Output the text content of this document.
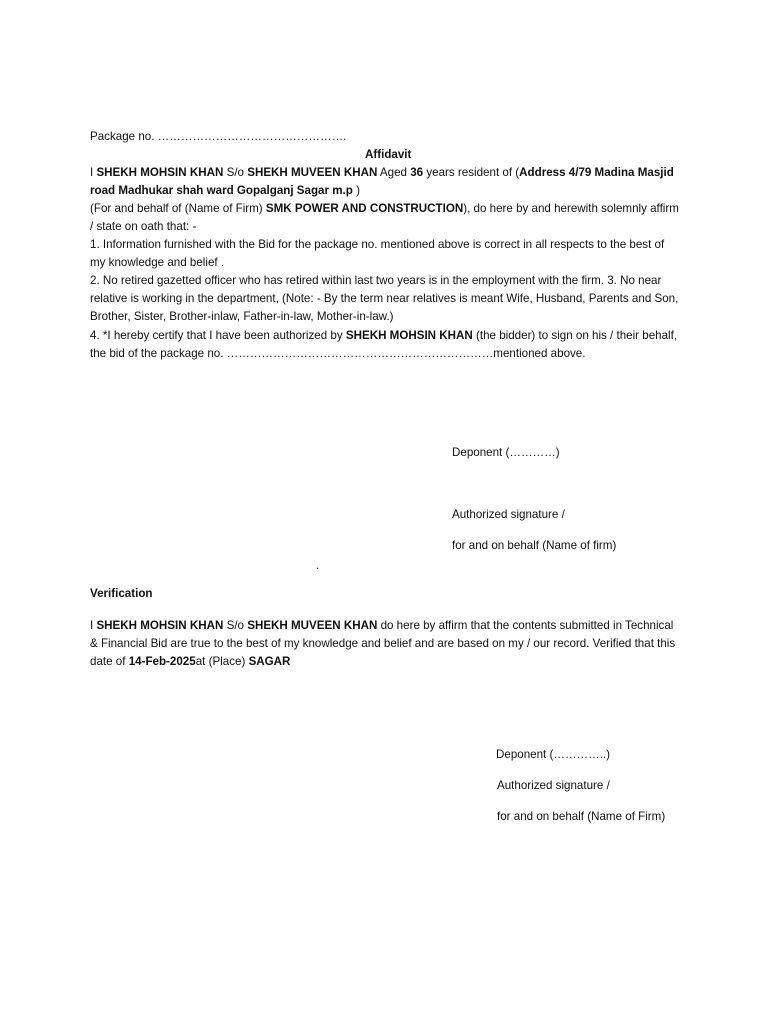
Package no. ………………………………………….
Affidavit

I SHEKH MOHSIN KHAN S/o SHEKH MUVEEN KHAN Aged 36 years resident of (Address 4/79 Madina Masjid road Madhukar shah ward Gopalganj Sagar m.p )

(For and behalf of (Name of Firm) SMK POWER AND CONSTRUCTION), do here by and herewith solemnly affirm / state on oath that: -

1. Information furnished with the Bid for the package no. mentioned above is correct in all respects to the best of my knowledge and belief .
2. No retired gazetted officer who has retired within last two years is in the employment with the firm. 3. No near relative is working in the department, (Note: - By the term near relatives is meant Wife, Husband, Parents and Son, Brother, Sister, Brother-inlaw, Father-in-law, Mother-in-law.)

4. *I hereby certify that I have been authorized by SHEKH MOHSIN KHAN (the bidder) to sign on his / their behalf, the bid of the package no. ……………………………………………………………mentioned above.

Deponent (…………)
Authorized signature /
for and on behalf (Name of firm)
.
Verification

I SHEKH MOHSIN KHAN S/o SHEKH MUVEEN KHAN do here by affirm that the contents submitted in Technical & Financial Bid are true to the best of my knowledge and belief and are based on my / our record. Verified that this date of 14-Feb-2025at (Place) SAGAR

Deponent (…………..)
Authorized signature /
for and on behalf (Name of Firm)
